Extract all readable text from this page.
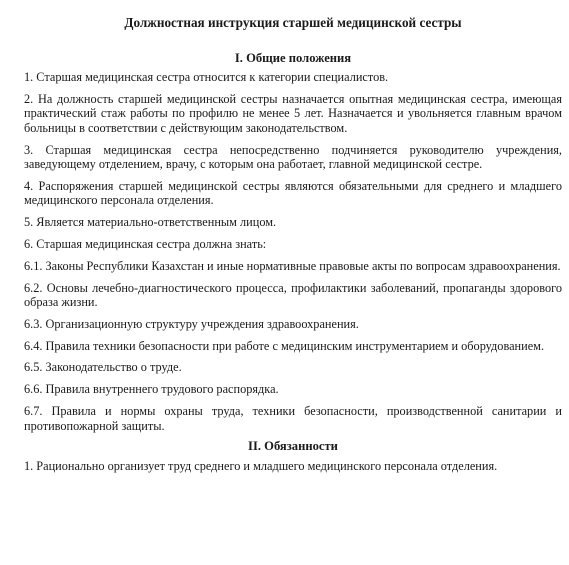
Должностная инструкция старшей медицинской сестры
I. Общие положения
1. Старшая медицинская сестра относится к категории специалистов.
2. На должность старшей медицинской сестры назначается опытная медицинская сестра, имеющая практический стаж работы по профилю не менее 5 лет. Назначается и увольняется главным врачом больницы в соответствии с действующим законодательством.
3. Старшая медицинская сестра непосредственно подчиняется руководителю учреждения, заведующему отделением, врачу, с которым она работает, главной медицинской сестре.
4. Распоряжения старшей медицинской сестры являются обязательными для среднего и младшего медицинского персонала отделения.
5. Является материально-ответственным лицом.
6. Старшая медицинская сестра должна знать:
6.1. Законы Республики Казахстан и иные нормативные правовые акты по вопросам здравоохранения.
6.2. Основы лечебно-диагностического процесса, профилактики заболеваний, пропаганды здорового образа жизни.
6.3. Организационную структуру учреждения здравоохранения.
6.4. Правила техники безопасности при работе с медицинским инструментарием и оборудованием.
6.5. Законодательство о труде.
6.6. Правила внутреннего трудового распорядка.
6.7. Правила и нормы охраны труда, техники безопасности, производственной санитарии и противопожарной защиты.
II. Обязанности
1. Рационально организует труд среднего и младшего медицинского персонала отделения.
